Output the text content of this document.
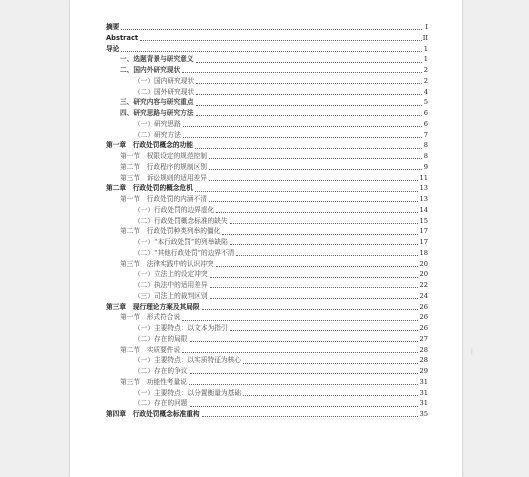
摘要	I
Abstract	II
导论	1
一、选题背景与研究意义	1
二、国内外研究现状	2
（一）国内研究现状	2
（二）国外研究现状	4
三、研究内容与研究重点	5
四、研究思路与研究方法	6
（一）研究思路	6
（二）研究方法	7
第一章　行政处罚概念的功能	8
第一节　权限设定的规范控制	8
第二节　行政程序的规制区别	9
第三节　诉讼规则的适用差异	11
第二章　行政处罚的概念危机	13
第一节　行政处罚的内涵不清	13
（一）行政处罚的边界虚化	14
（二）行政处罚概念标准的缺失	15
第二节　行政处罚种类列举的僵化	17
（一）“本行政处罚”的列举缺陷	17
（二）“其他行政处罚”的边界不清	18
第三节　法律实践中的认识冲突	20
（一）立法上的设定冲突	20
（二）执法中的适用差异	22
（三）司法上的裁判区别	24
第三章　现行理论方案及其局限	26
第一节　形式符合说	26
（一）主要特点：以文本为指引	26
（二）存在的局限	27
第二节　实质要件说	28
（一）主要特点：以实质特征为核心	28
（二）存在的争议	29
第三节　功能性考量说	31
（一）主要特点：以分置衡量为基础	31
（二）存在的问题	31
第四章　行政处罚概念标准重构	35
⋮
